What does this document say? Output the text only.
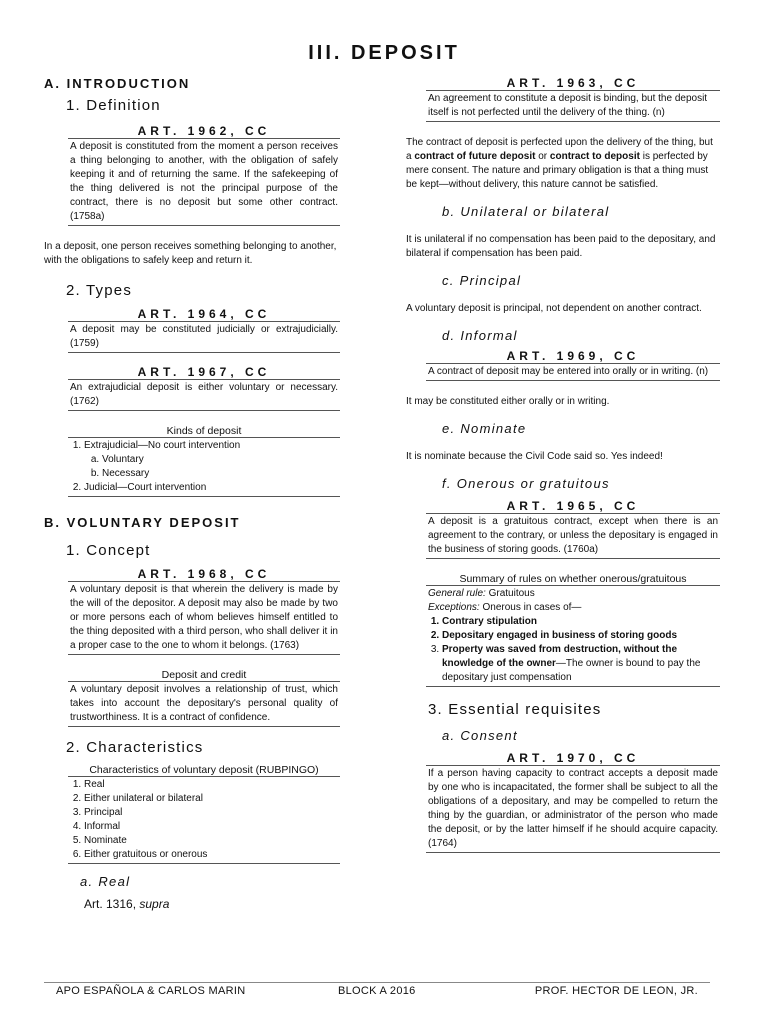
III. DEPOSIT
A. INTRODUCTION
1. Definition
ART. 1962, CC
A deposit is constituted from the moment a person receives a thing belonging to another, with the obligation of safely keeping it and of returning the same. If the safekeeping of the thing delivered is not the principal purpose of the contract, there is no deposit but some other contract. (1758a)

In a deposit, one person receives something belonging to another, with the obligations to safely keep and return it.

2. Types
ART. 1964, CC
A deposit may be constituted judicially or extrajudicially. (1759)
ART. 1967, CC
An extrajudicial deposit is either voluntary or necessary. (1762)
Kinds of deposit
1. Extrajudicial—No court intervention
a. Voluntary
b. Necessary
2. Judicial—Court intervention
B. VOLUNTARY DEPOSIT
1. Concept
ART. 1968, CC
A voluntary deposit is that wherein the delivery is made by the will of the depositor. A deposit may also be made by two or more persons each of whom believes himself entitled to the thing deposited with a third person, who shall deliver it in a proper case to the one to whom it belongs. (1763)
Deposit and credit
A voluntary deposit involves a relationship of trust, which takes into account the depositary's personal quality of trustworthiness. It is a contract of confidence.
2. Characteristics
Characteristics of voluntary deposit (RUBPINGO)
1. Real
2. Either unilateral or bilateral
3. Principal
4. Informal
5. Nominate
6. Either gratuitous or onerous
a. Real
Art. 1316, supra
ART. 1963, CC
An agreement to constitute a deposit is binding, but the deposit itself is not perfected until the delivery of the thing. (n)

The contract of deposit is perfected upon the delivery of the thing, but a contract of future deposit or contract to deposit is perfected by mere consent. The nature and primary obligation is that a thing must be kept—without delivery, this nature cannot be satisfied.

b. Unilateral or bilateral

It is unilateral if no compensation has been paid to the depositary, and bilateral if compensation has been paid.

c. Principal

A voluntary deposit is principal, not dependent on another contract.

d. Informal
ART. 1969, CC
A contract of deposit may be entered into orally or in writing. (n)

It may be constituted either orally or in writing.

e. Nominate

It is nominate because the Civil Code said so. Yes indeed!

f. Onerous or gratuitous
ART. 1965, CC
A deposit is a gratuitous contract, except when there is an agreement to the contrary, or unless the depositary is engaged in the business of storing goods. (1760a)
Summary of rules on whether onerous/gratuitous
General rule: Gratuitous
Exceptions: Onerous in cases of—
1. Contrary stipulation
2. Depositary engaged in business of storing goods
3. Property was saved from destruction, without the knowledge of the owner—The owner is bound to pay the depositary just compensation
3. Essential requisites
a. Consent
ART. 1970, CC
If a person having capacity to contract accepts a deposit made by one who is incapacitated, the former shall be subject to all the obligations of a depositary, and may be compelled to return the thing by the guardian, or administrator of the person who made the deposit, or by the latter himself if he should acquire capacity. (1764)
APO ESPAÑOLA & CARLOS MARIN	BLOCK A 2016	PROF. HECTOR DE LEON, JR.
